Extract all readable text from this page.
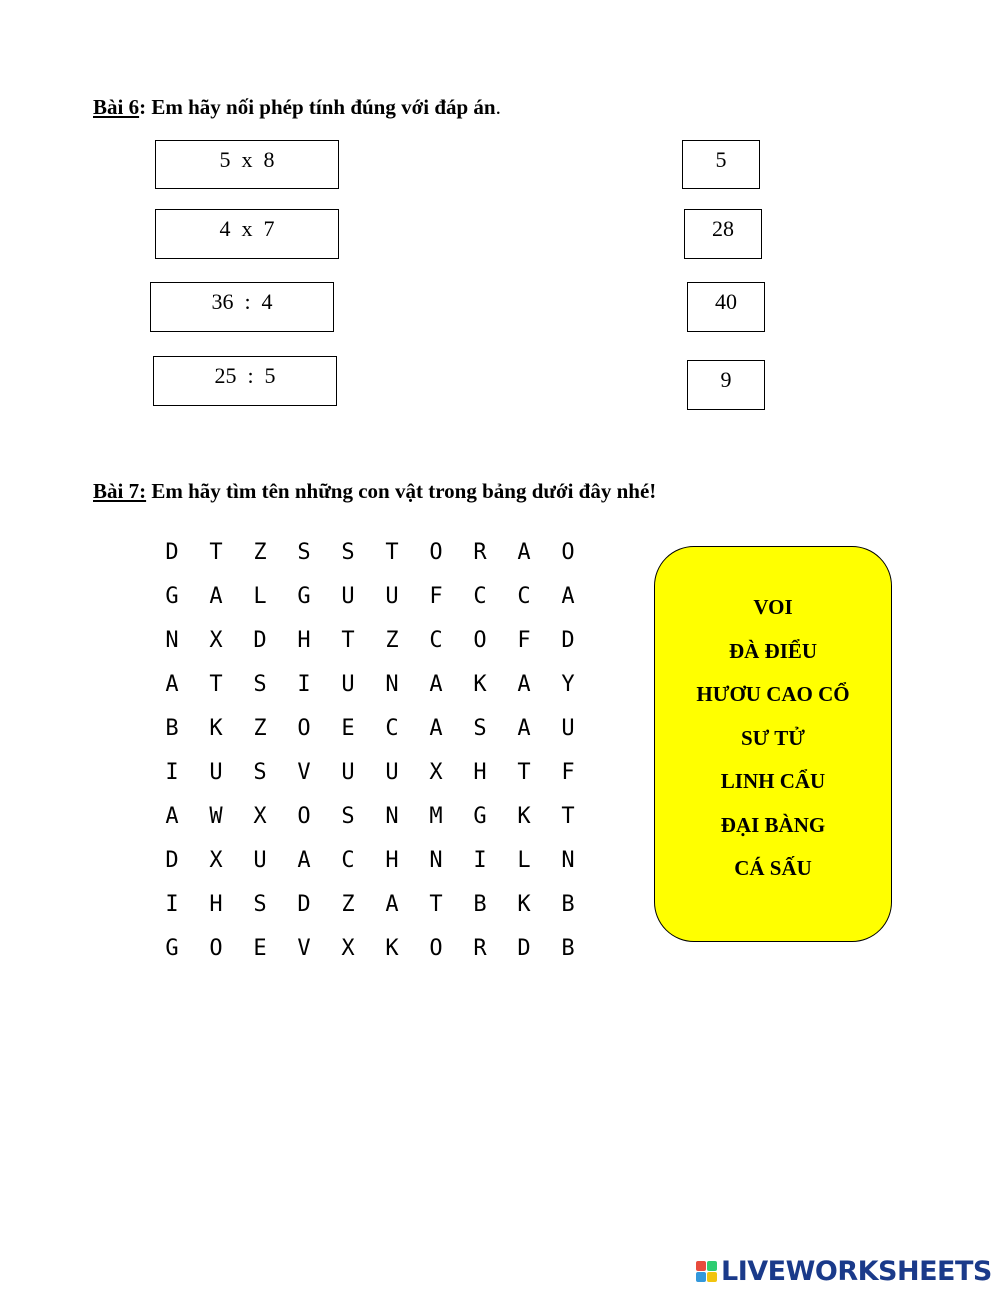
Bài 6: Em hãy nối phép tính đúng với đáp án.
5  x  8
4  x  7
36  :  4
25  :  5
5
28
40
9
Bài 7: Em hãy tìm tên những con vật trong bảng dưới đây nhé!
D	T	Z	S	S	T	O	R	A	O
G	A	L	G	U	U	F	C	C	A
N	X	D	H	T	Z	C	O	F	D
A	T	S	I	U	N	A	K	A	Y
B	K	Z	O	E	C	A	S	A	U
I	U	S	V	U	U	X	H	T	F
A	W	X	O	S	N	M	G	K	T
D	X	U	A	C	H	N	I	L	N
I	H	S	D	Z	A	T	B	K	B
G	O	E	V	X	K	O	R	D	B
VOI
ĐÀ ĐIỂU
HƯƠU CAO CỔ
SƯ TỬ
LINH CẨU
ĐẠI BÀNG
CÁ SẤU
LIVEWORKSHEETS
